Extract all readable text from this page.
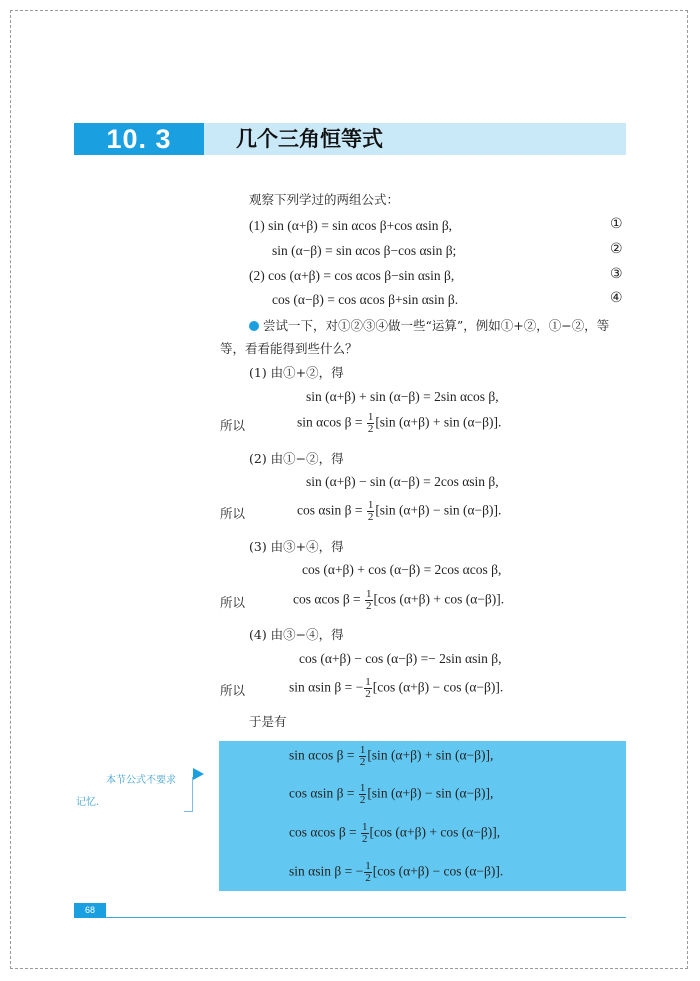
10. 3	几个三角恒等式
观察下列学过的两组公式：
(1) sin (α+β) = sin αcos β+cos αsin β,	①
sin (α−β) = sin αcos β−cos αsin β;	②
(2) cos (α+β) = cos αcos β−sin αsin β,	③
cos (α−β) = cos αcos β+sin αsin β.	④
尝试一下，对①②③④做一些“运算”，例如①+②，①−②，等
等，看看能得到些什么？
(1) 由①+②，得
sin (α+β) + sin (α−β) = 2sin αcos β,
所以	sin αcos $\beta = \frac{1}{2} [\sin$ (α+β) + sin (α−β)].
(2) 由①−②，得
sin (α+β) − sin (α−β) = 2cos αsin β,
所以	cos αsin $\beta = \frac{1}{2} [\sin$ (α+β) − sin (α−β)].
(3) 由③+④，得
cos (α+β) + cos (α−β) = 2cos αcos β,
所以	cos αcos $\beta = \frac{1}{2} [\cos$ (α+β) + cos (α−β)].
(4) 由③−④，得
cos (α+β) − cos (α−β) =− 2sin αsin β,
所以	sin αsin β = − $\frac{1}{2} [\cos$ (α+β) − cos (α−β)].
于是有
sin αcos $\beta = \frac{1}{2} [\sin$ (α+β) + sin (α−β)],
cos αsin $\beta = \frac{1}{2} [\sin$ (α+β) − sin (α−β)],
cos αcos $\beta = \frac{1}{2} [\cos$ (α+β) + cos (α−β)],
sin αsin β = − $\frac{1}{2} [\cos$ (α+β) − cos (α−β)].
本节公式不要求
记忆.
68
